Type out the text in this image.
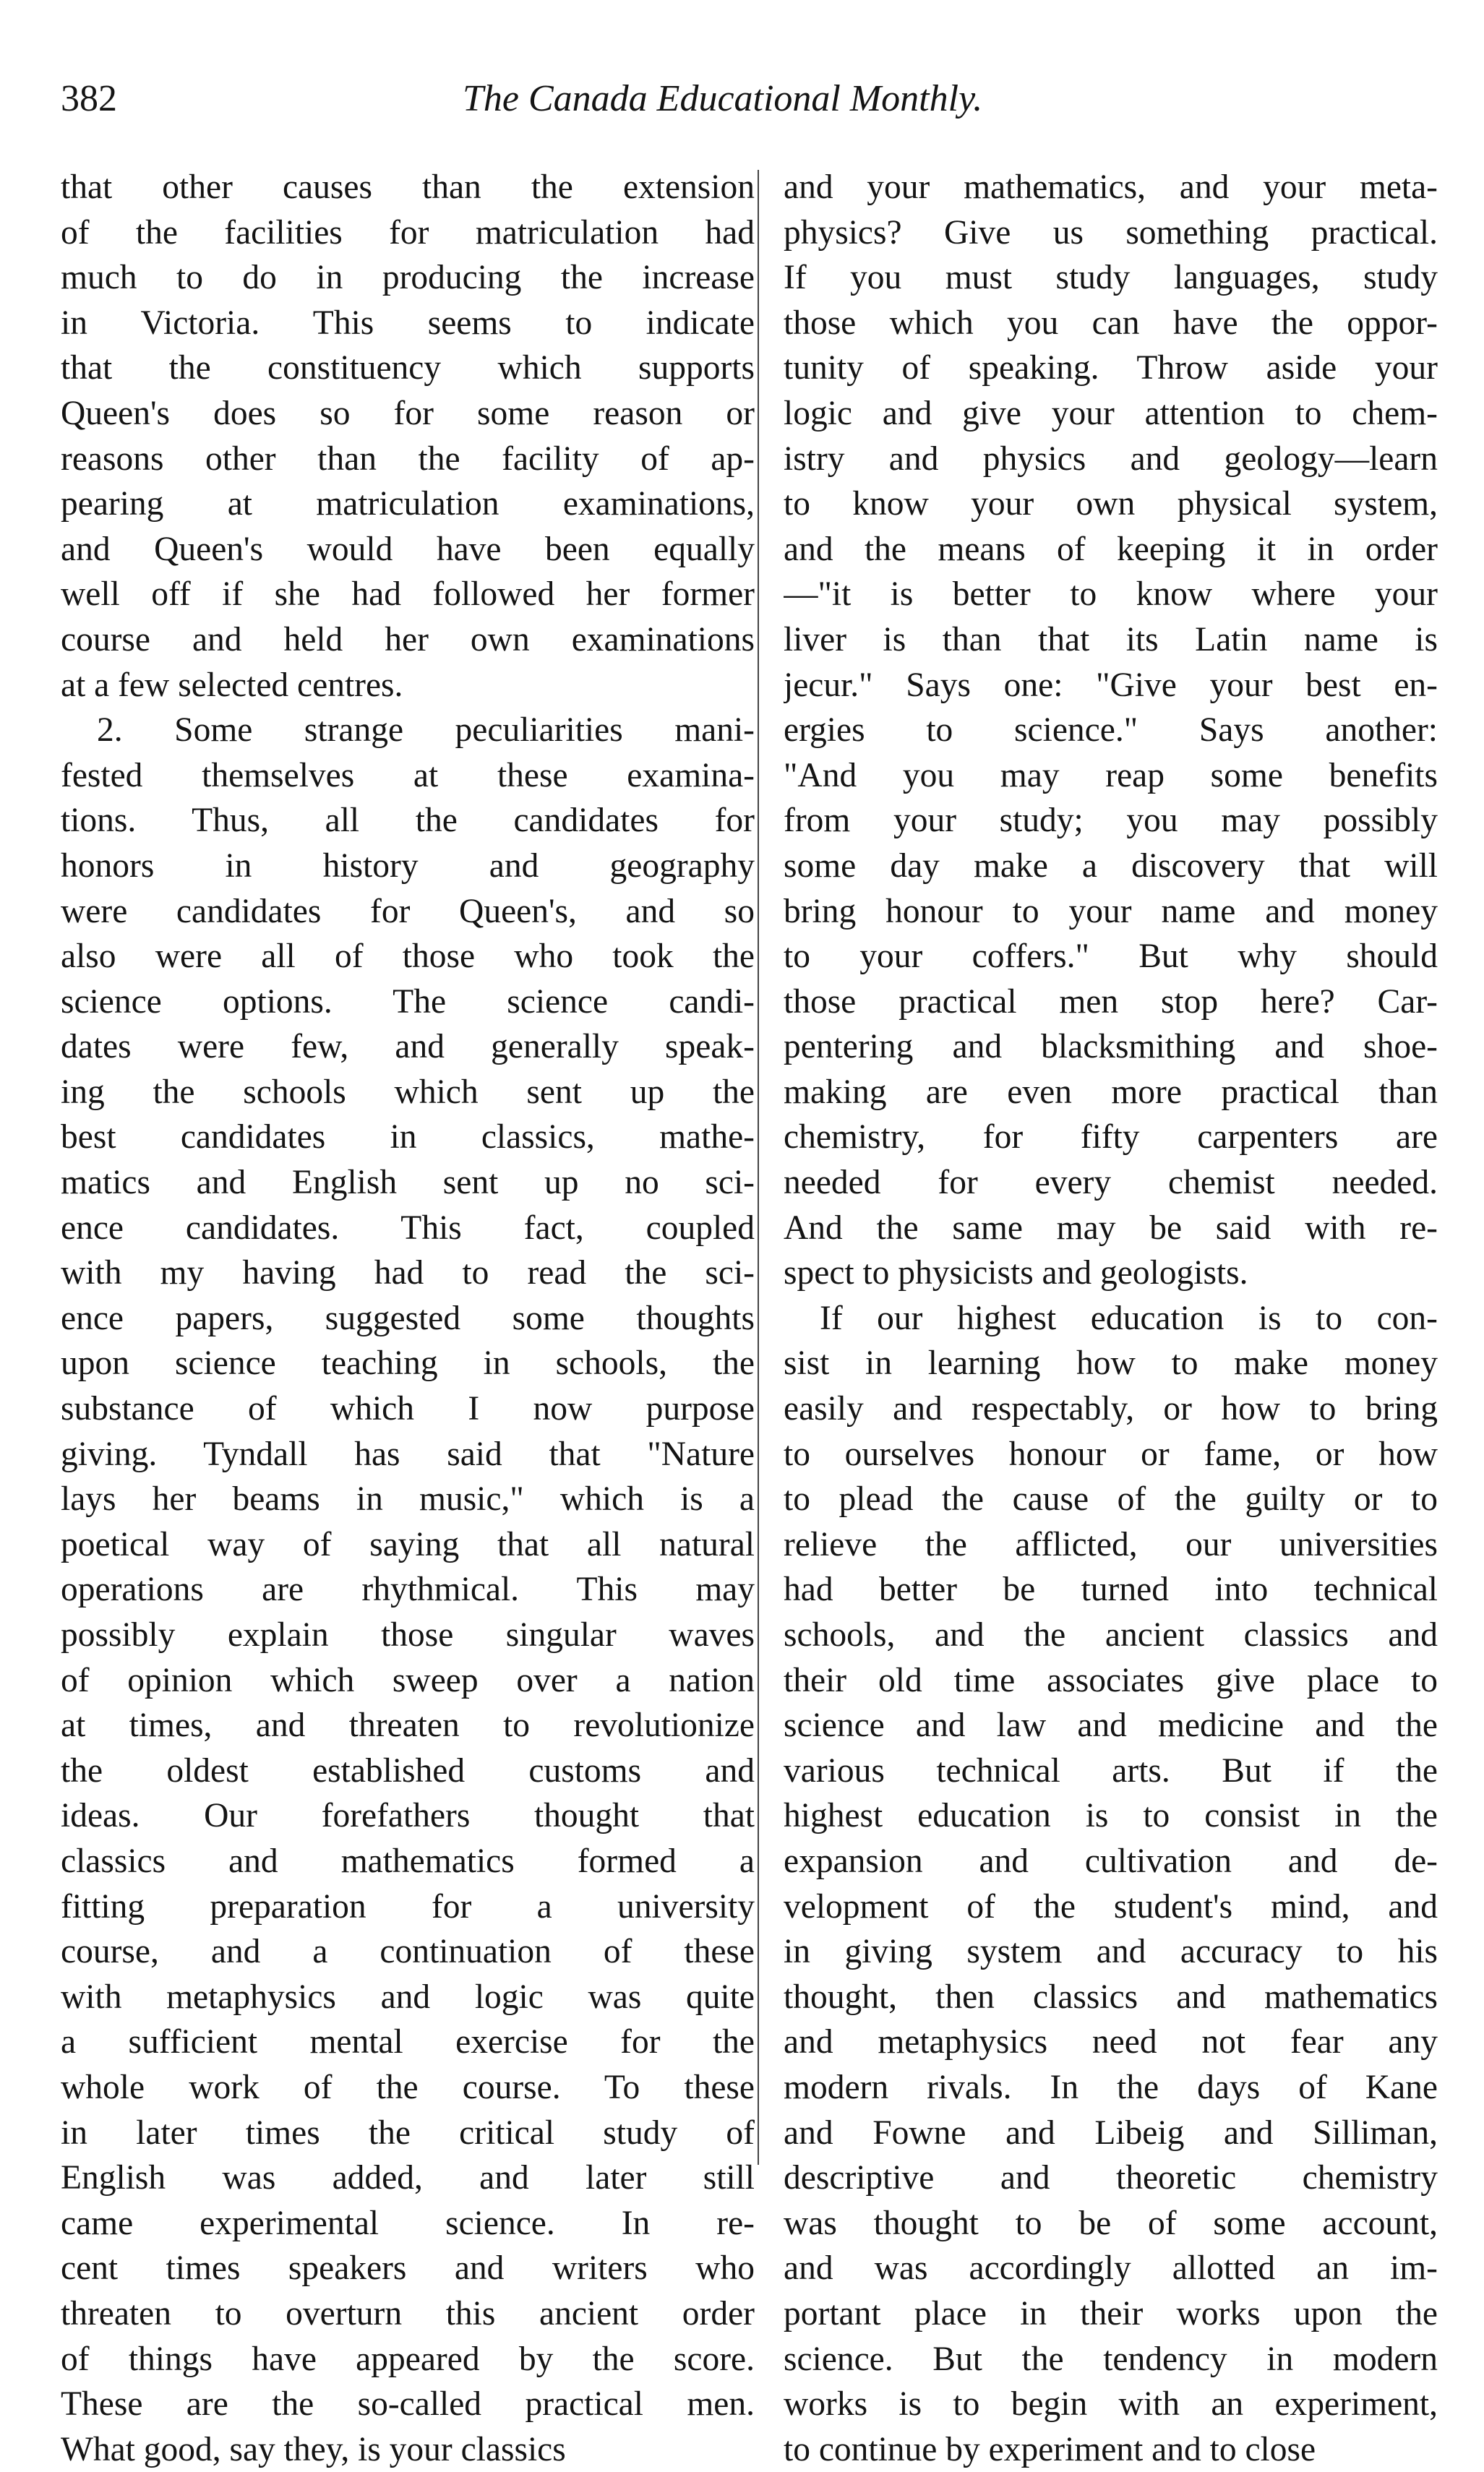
382	The Canada Educational Monthly.
that other causes than the extension
of the facilities for matriculation had
much to do in producing the increase
in Victoria. This seems to indicate
that the constituency which supports
Queen's does so for some reason or
reasons other than the facility of ap-
pearing at matriculation examinations,
and Queen's would have been equally
well off if she had followed her former
course and held her own examinations
at a few selected centres.
2. Some strange peculiarities mani-
fested themselves at these examina-
tions. Thus, all the candidates for
honors in history and geography
were candidates for Queen's, and so
also were all of those who took the
science options. The science candi-
dates were few, and generally speak-
ing the schools which sent up the
best candidates in classics, mathe-
matics and English sent up no sci-
ence candidates. This fact, coupled
with my having had to read the sci-
ence papers, suggested some thoughts
upon science teaching in schools, the
substance of which I now purpose
giving. Tyndall has said that "Nature
lays her beams in music," which is a
poetical way of saying that all natural
operations are rhythmical. This may
possibly explain those singular waves
of opinion which sweep over a nation
at times, and threaten to revolutionize
the oldest established customs and
ideas. Our forefathers thought that
classics and mathematics formed a
fitting preparation for a university
course, and a continuation of these
with metaphysics and logic was quite
a sufficient mental exercise for the
whole work of the course. To these
in later times the critical study of
English was added, and later still
came experimental science. In re-
cent times speakers and writers who
threaten to overturn this ancient order
of things have appeared by the score.
These are the so-called practical men.
What good, say they, is your classics
and your mathematics, and your meta-
physics? Give us something practical.
If you must study languages, study
those which you can have the oppor-
tunity of speaking. Throw aside your
logic and give your attention to chem-
istry and physics and geology—learn
to know your own physical system,
and the means of keeping it in order
—"it is better to know where your
liver is than that its Latin name is
jecur." Says one: "Give your best en-
ergies to science." Says another:
"And you may reap some benefits
from your study; you may possibly
some day make a discovery that will
bring honour to your name and money
to your coffers." But why should
those practical men stop here? Car-
pentering and blacksmithing and shoe-
making are even more practical than
chemistry, for fifty carpenters are
needed for every chemist needed.
And the same may be said with re-
spect to physicists and geologists.
If our highest education is to con-
sist in learning how to make money
easily and respectably, or how to bring
to ourselves honour or fame, or how
to plead the cause of the guilty or to
relieve the afflicted, our universities
had better be turned into technical
schools, and the ancient classics and
their old time associates give place to
science and law and medicine and the
various technical arts. But if the
highest education is to consist in the
expansion and cultivation and de-
velopment of the student's mind, and
in giving system and accuracy to his
thought, then classics and mathematics
and metaphysics need not fear any
modern rivals. In the days of Kane
and Fowne and Libeig and Silliman,
descriptive and theoretic chemistry
was thought to be of some account,
and was accordingly allotted an im-
portant place in their works upon the
science. But the tendency in modern
works is to begin with an experiment,
to continue by experiment and to close
